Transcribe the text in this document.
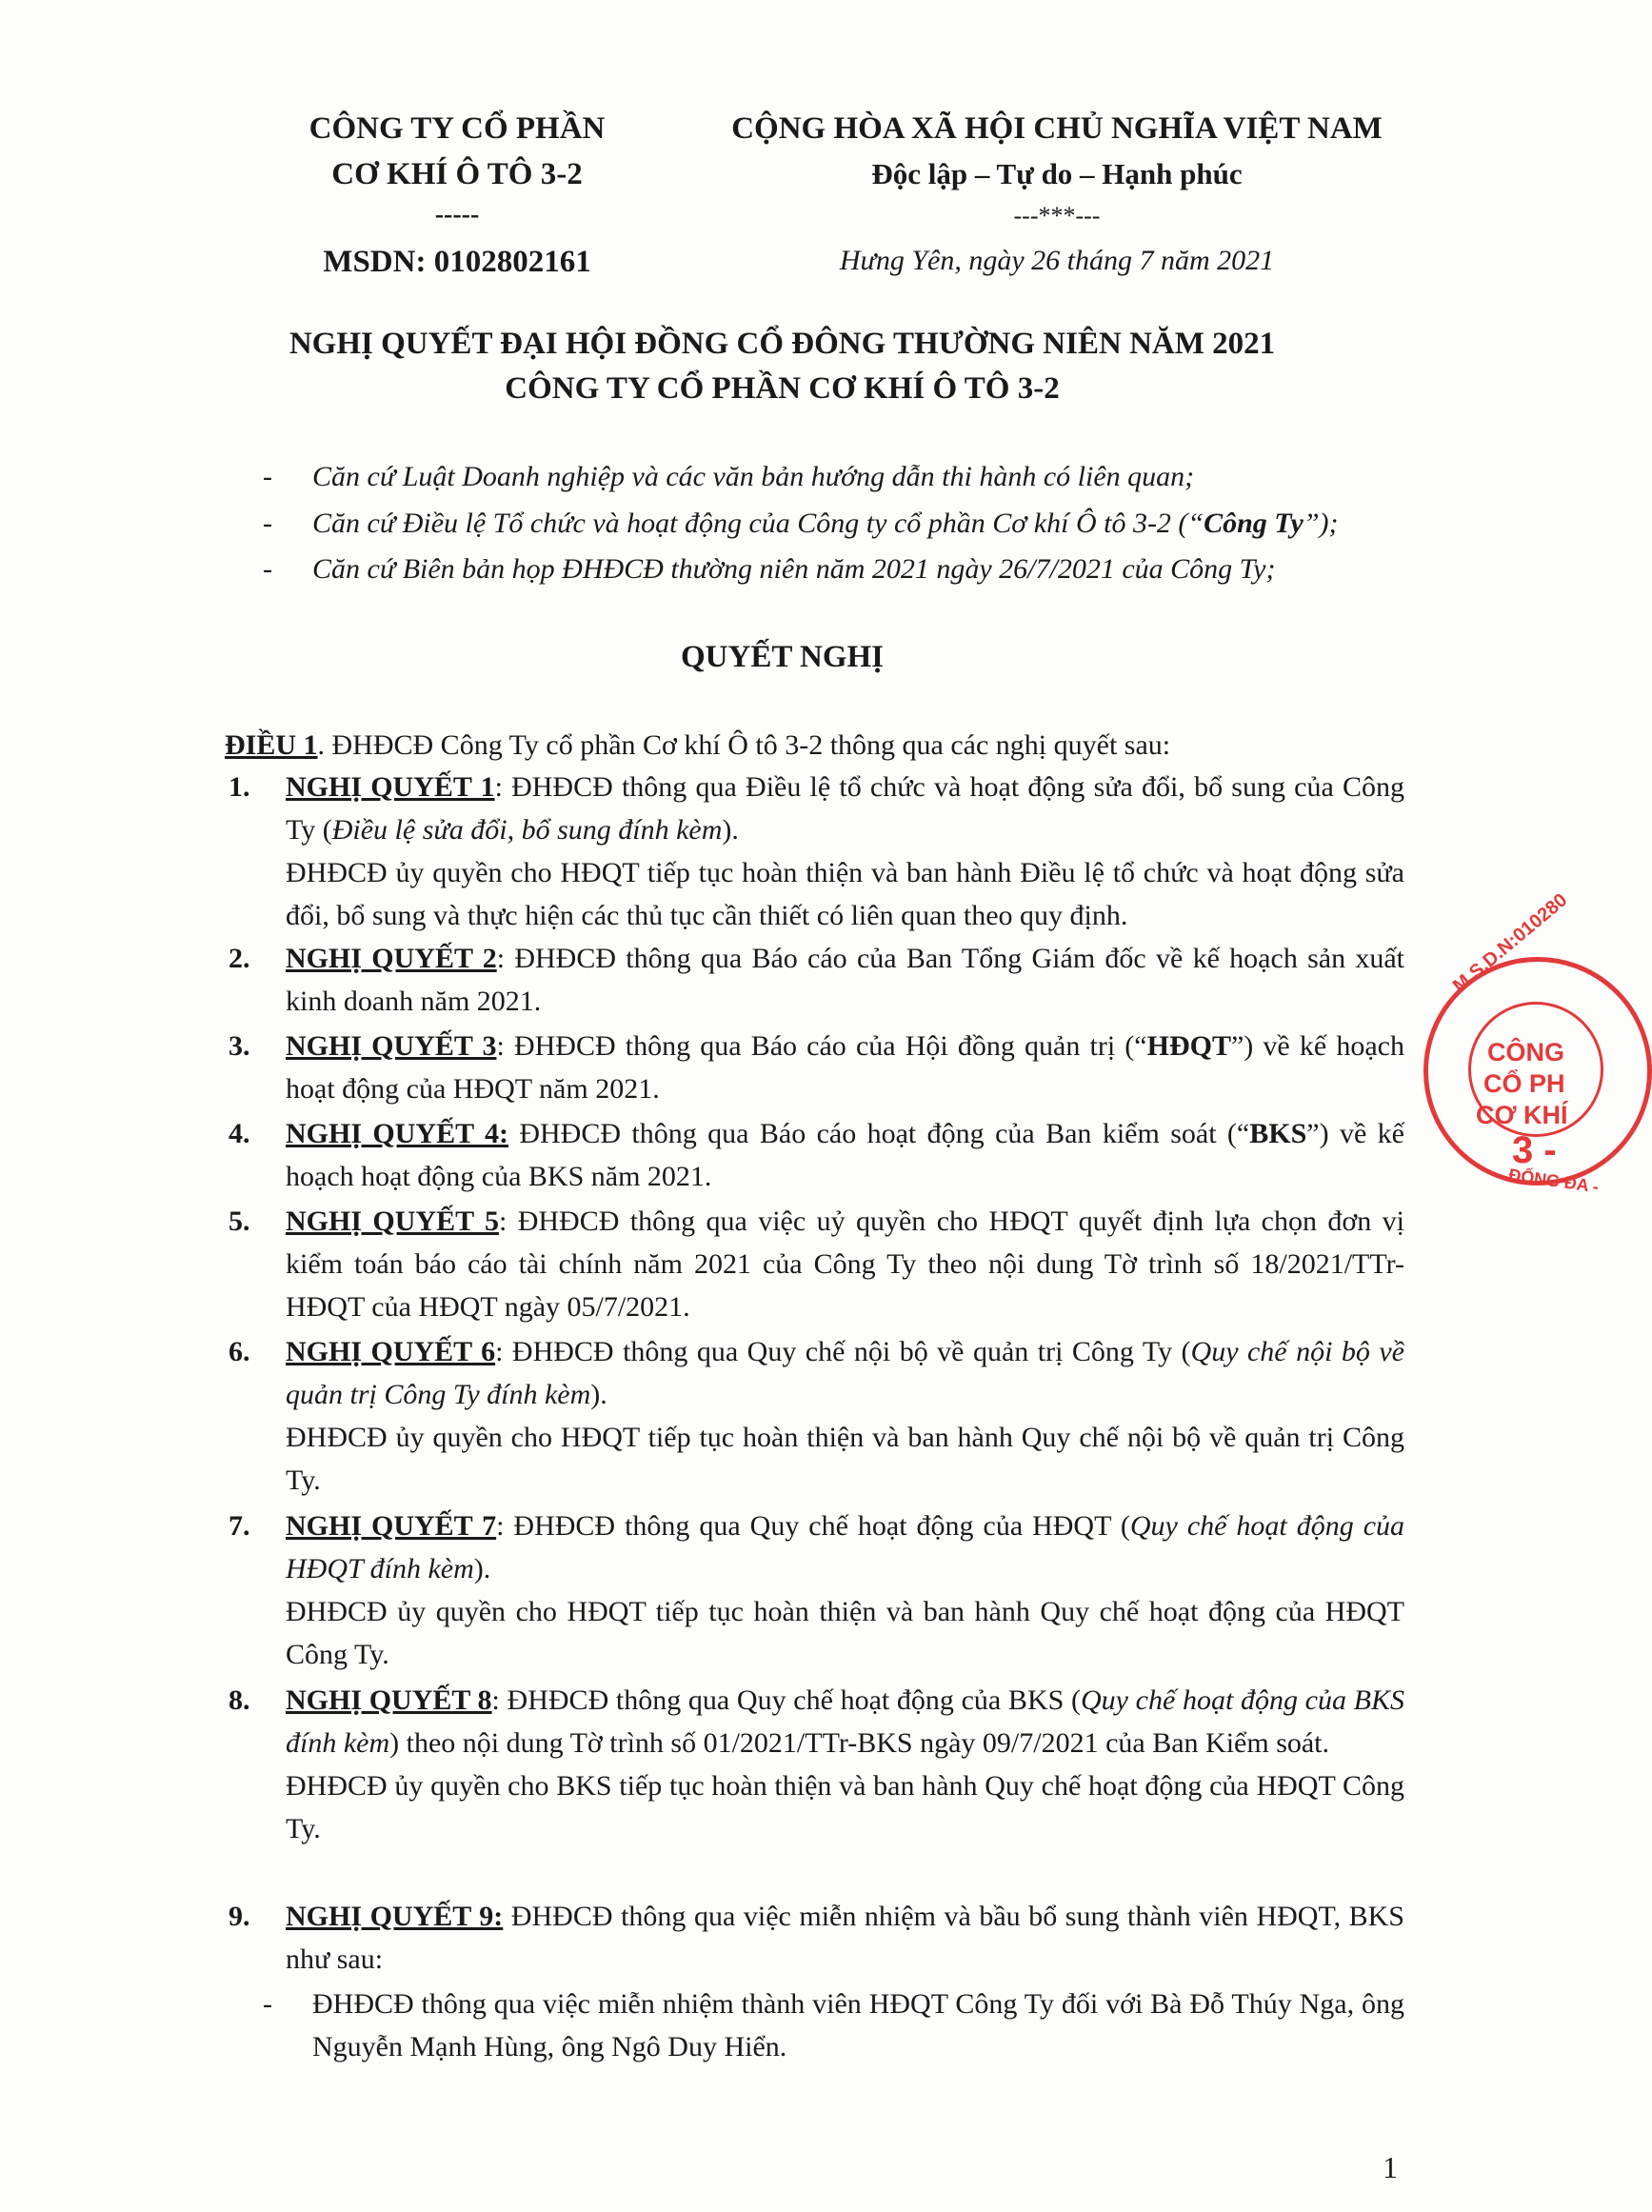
CÔNG TY CỔ PHẦN
CƠ KHÍ Ô TÔ 3-2
-----
MSDN: 0102802161
CỘNG HÒA XÃ HỘI CHỦ NGHĨA VIỆT NAM
Độc lập – Tự do – Hạnh phúc
---***---
Hưng Yên, ngày 26 tháng 7 năm 2021
NGHỊ QUYẾT ĐẠI HỘI ĐỒNG CỔ ĐÔNG THƯỜNG NIÊN NĂM 2021
CÔNG TY CỔ PHẦN CƠ KHÍ Ô TÔ 3-2
- Căn cứ Luật Doanh nghiệp và các văn bản hướng dẫn thi hành có liên quan;
- Căn cứ Điều lệ Tổ chức và hoạt động của Công ty cổ phần Cơ khí Ô tô 3-2 (“Công Ty”);
- Căn cứ Biên bản họp ĐHĐCĐ thường niên năm 2021 ngày 26/7/2021 của Công Ty;
QUYẾT NGHỊ
ĐIỀU 1. ĐHĐCĐ Công Ty cổ phần Cơ khí Ô tô 3-2 thông qua các nghị quyết sau:
1. NGHỊ QUYẾT 1: ĐHĐCĐ thông qua Điều lệ tổ chức và hoạt động sửa đổi, bổ sung của Công Ty (Điều lệ sửa đổi, bổ sung đính kèm).

ĐHĐCĐ ủy quyền cho HĐQT tiếp tục hoàn thiện và ban hành Điều lệ tổ chức và hoạt động sửa đổi, bổ sung và thực hiện các thủ tục cần thiết có liên quan theo quy định.

2. NGHỊ QUYẾT 2: ĐHĐCĐ thông qua Báo cáo của Ban Tổng Giám đốc về kế hoạch sản xuất kinh doanh năm 2021.

3. NGHỊ QUYẾT 3: ĐHĐCĐ thông qua Báo cáo của Hội đồng quản trị (“HĐQT”) về kế hoạch hoạt động của HĐQT năm 2021.

4. NGHỊ QUYẾT 4: ĐHĐCĐ thông qua Báo cáo hoạt động của Ban kiểm soát (“BKS”) về kế hoạch hoạt động của BKS năm 2021.

5. NGHỊ QUYẾT 5: ĐHĐCĐ thông qua việc uỷ quyền cho HĐQT quyết định lựa chọn đơn vị kiểm toán báo cáo tài chính năm 2021 của Công Ty theo nội dung Tờ trình số 18/2021/TTr-HĐQT của HĐQT ngày 05/7/2021.

6. NGHỊ QUYẾT 6: ĐHĐCĐ thông qua Quy chế nội bộ về quản trị Công Ty (Quy chế nội bộ về quản trị Công Ty đính kèm).

ĐHĐCĐ ủy quyền cho HĐQT tiếp tục hoàn thiện và ban hành Quy chế nội bộ về quản trị Công Ty.

7. NGHỊ QUYẾT 7: ĐHĐCĐ thông qua Quy chế hoạt động của HĐQT (Quy chế hoạt động của HĐQT đính kèm).

ĐHĐCĐ ủy quyền cho HĐQT tiếp tục hoàn thiện và ban hành Quy chế hoạt động của HĐQT Công Ty.

8. NGHỊ QUYẾT 8: ĐHĐCĐ thông qua Quy chế hoạt động của BKS (Quy chế hoạt động của BKS đính kèm) theo nội dung Tờ trình số 01/2021/TTr-BKS ngày 09/7/2021 của Ban Kiểm soát.

ĐHĐCĐ ủy quyền cho BKS tiếp tục hoàn thiện và ban hành Quy chế hoạt động của HĐQT Công Ty.

9. NGHỊ QUYẾT 9: ĐHĐCĐ thông qua việc miễn nhiệm và bầu bổ sung thành viên HĐQT, BKS như sau:

- ĐHĐCĐ thông qua việc miễn nhiệm thành viên HĐQT Công Ty đối với Bà Đỗ Thúy Nga, ông Nguyễn Mạnh Hùng, ông Ngô Duy Hiển.

M.S.D.N:010280
CÔNG
CỔ PH
CƠ KHÍ
3 -
ĐỐNG ĐA -
1
